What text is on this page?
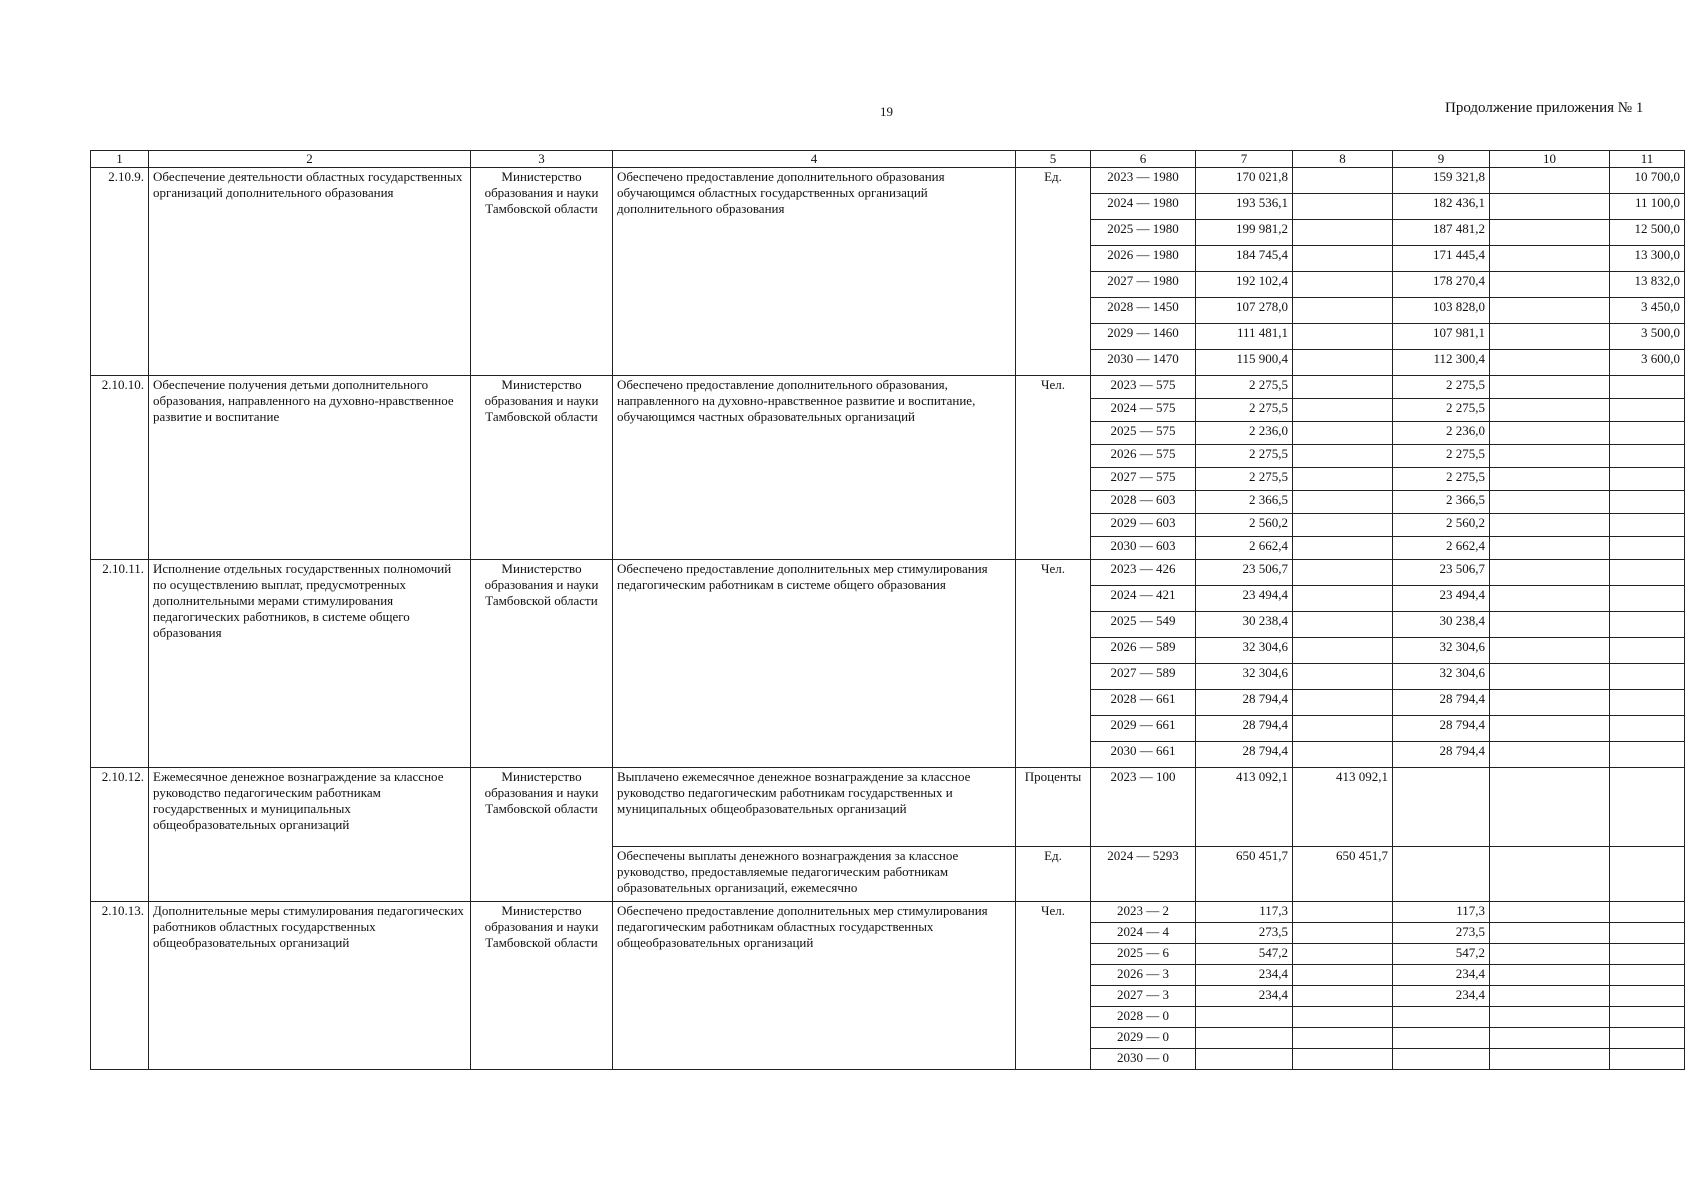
19	Продолжение приложения № 1
1	2	3	4	5	6	7	8	9	10	11
2.10.9.	Обеспечение деятельности областных государственных организаций дополнительного образования	Министерство образования и науки Тамбовской области	Обеспечено предоставление дополнительного образования обучающимся областных государственных организаций дополнительного образования	Ед.	2023 — 1980	170 021,8		159 321,8		10 700,0
					2024 — 1980	193 536,1		182 436,1		11 100,0
					2025 — 1980	199 981,2		187 481,2		12 500,0
					2026 — 1980	184 745,4		171 445,4		13 300,0
					2027 — 1980	192 102,4		178 270,4		13 832,0
					2028 — 1450	107 278,0		103 828,0		3 450,0
					2029 — 1460	111 481,1		107 981,1		3 500,0
					2030 — 1470	115 900,4		112 300,4		3 600,0
2.10.10.	Обеспечение получения детьми дополнительного образования, направленного на духовно-нравственное развитие и воспитание	Министерство образования и науки Тамбовской области	Обеспечено предоставление дополнительного образования, направленного на духовно-нравственное развитие и воспитание, обучающимся частных образовательных организаций	Чел.	2023 — 575	2 275,5		2 275,5		
					2024 — 575	2 275,5		2 275,5		
					2025 — 575	2 236,0		2 236,0		
					2026 — 575	2 275,5		2 275,5		
					2027 — 575	2 275,5		2 275,5		
					2028 — 603	2 366,5		2 366,5		
					2029 — 603	2 560,2		2 560,2		
					2030 — 603	2 662,4		2 662,4		
2.10.11.	Исполнение отдельных государственных полномочий по осуществлению выплат, предусмотренных дополнительными мерами стимулирования педагогических работников, в системе общего образования	Министерство образования и науки Тамбовской области	Обеспечено предоставление дополнительных мер стимулирования педагогическим работникам в системе общего образования	Чел.	2023 — 426	23 506,7		23 506,7		
					2024 — 421	23 494,4		23 494,4		
					2025 — 549	30 238,4		30 238,4		
					2026 — 589	32 304,6		32 304,6		
					2027 — 589	32 304,6		32 304,6		
					2028 — 661	28 794,4		28 794,4		
					2029 — 661	28 794,4		28 794,4		
					2030 — 661	28 794,4		28 794,4		
2.10.12.	Ежемесячное денежное вознаграждение за классное руководство педагогическим работникам государственных и муниципальных общеобразовательных организаций	Министерство образования и науки Тамбовской области	Выплачено ежемесячное денежное вознаграждение за классное руководство педагогическим работникам государственных и муниципальных общеобразовательных организаций	Проценты	2023 — 100	413 092,1	413 092,1			
			Обеспечены выплаты денежного вознаграждения за классное руководство, предоставляемые педагогическим работникам образовательных организаций, ежемесячно	Ед.	2024 — 5293	650 451,7	650 451,7			
2.10.13.	Дополнительные меры стимулирования педагогических работников областных государственных общеобразовательных организаций	Министерство образования и науки Тамбовской области	Обеспечено предоставление дополнительных мер стимулирования педагогическим работникам областных государственных общеобразовательных организаций	Чел.	2023 — 2	117,3		117,3		
					2024 — 4	273,5		273,5		
					2025 — 6	547,2		547,2		
					2026 — 3	234,4		234,4		
					2027 — 3	234,4		234,4		
					2028 — 0					
					2029 — 0					
					2030 — 0					
